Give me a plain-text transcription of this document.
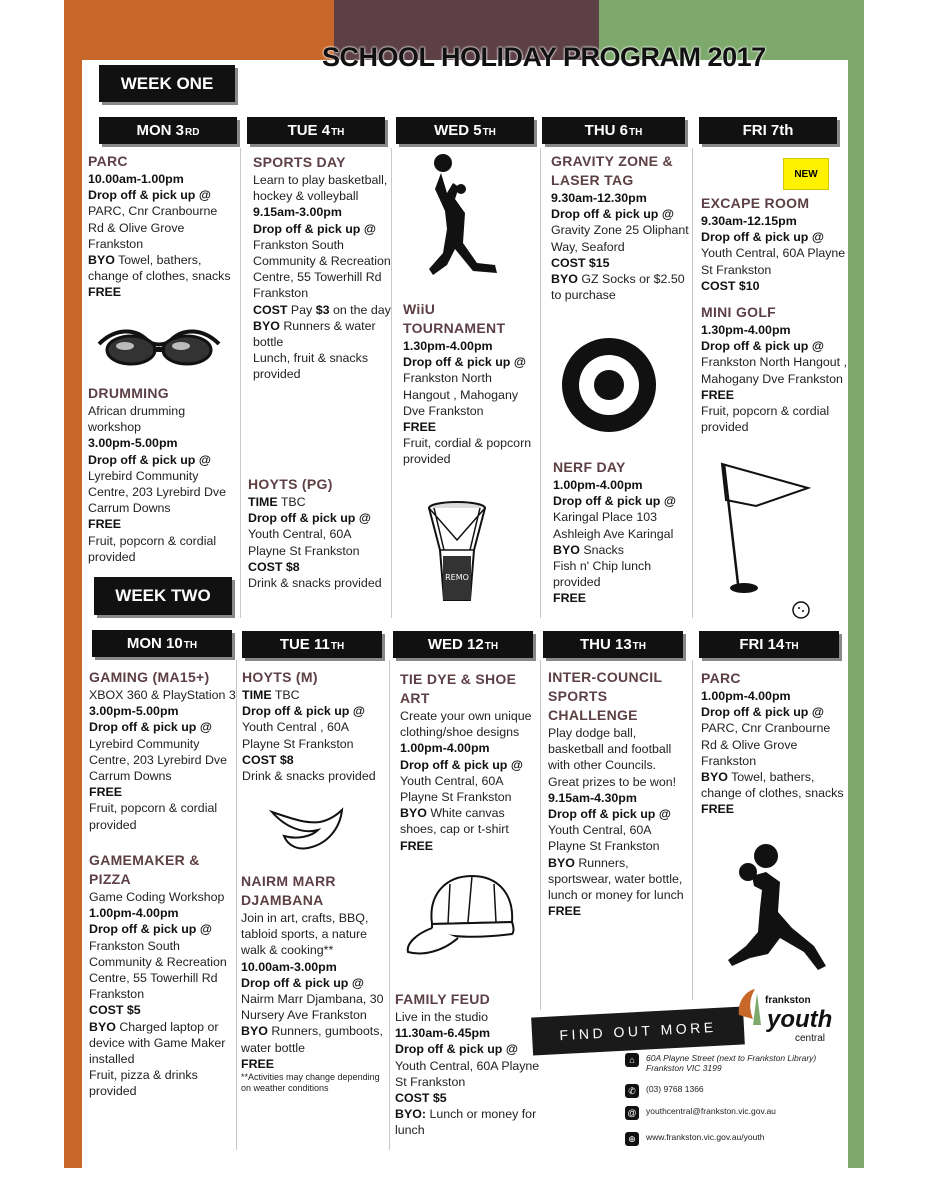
SCHOOL HOLIDAY PROGRAM 2017
WEEK ONE
WEEK TWO
MON $3_{RD}$	TUE $4_{TH}$	WED $5_{TH}$	THU $6_{TH}$	FRI 7th
MON $10_{TH}$	TUE $11_{TH}$	WED $12_{TH}$	THU $13_{TH}$	FRI $14_{TH}$
PARC
10.00am-1.00pm
Drop off & pick up @
PARC, Cnr Cranbourne Rd & Olive Grove Frankston
BYO Towel, bathers, change of clothes, snacks
FREE
DRUMMING
African drumming workshop
3.00pm-5.00pm
Drop off & pick up @
Lyrebird Community Centre, 203 Lyrebird Dve Carrum Downs
FREE
Fruit, popcorn & cordial provided
SPORTS DAY
Learn to play basketball, hockey & volleyball
9.15am-3.00pm
Drop off & pick up @
Frankston South Community & Recreation Centre, 55 Towerhill Rd Frankston
COST Pay $3 on the day
BYO Runners & water bottle
Lunch, fruit & snacks provided
HOYTS (PG)
TIME TBC
Drop off & pick up @
Youth Central, 60A Playne St Frankston
COST $8
Drink & snacks provided
WiiU TOURNAMENT
1.30pm-4.00pm
Drop off & pick up @
Frankston North Hangout , Mahogany Dve Frankston
FREE
Fruit, cordial & popcorn provided
REMO
GRAVITY ZONE & LASER TAG
9.30am-12.30pm
Drop off & pick up @
Gravity Zone 25 Oliphant Way, Seaford
COST $15
BYO GZ Socks or $2.50 to purchase
NERF DAY
1.00pm-4.00pm
Drop off & pick up @
Karingal Place 103 Ashleigh Ave Karingal
BYO Snacks
Fish n' Chip lunch provided
FREE
NEW
EXCAPE ROOM
9.30am-12.15pm
Drop off & pick up @
Youth Central, 60A Playne St Frankston
COST $10
MINI GOLF
1.30pm-4.00pm
Drop off & pick up @
Frankston North Hangout , Mahogany Dve Frankston
FREE
Fruit, popcorn & cordial provided
GAMING (MA15+)
XBOX 360 & PlayStation 3
3.00pm-5.00pm
Drop off & pick up @
Lyrebird Community Centre, 203 Lyrebird Dve Carrum Downs
FREE
Fruit, popcorn & cordial provided
GAMEMAKER & PIZZA
Game Coding Workshop
1.00pm-4.00pm
Drop off & pick up @
Frankston South Community & Recreation Centre, 55 Towerhill Rd Frankston
COST $5
BYO Charged laptop or device with Game Maker installed
Fruit, pizza & drinks provided
HOYTS (M)
TIME TBC
Drop off & pick up @
Youth Central , 60A Playne St Frankston
COST $8
Drink & snacks provided
NAIRM MARR DJAMBANA
Join in art, crafts, BBQ, tabloid sports, a nature walk & cooking**
10.00am-3.00pm
Drop off & pick up @
Nairm Marr Djambana, 30 Nursery Ave Frankston
BYO Runners, gumboots, water bottle
FREE
**Activities may change depending on weather conditions
TIE DYE & SHOE ART
Create your own unique clothing/shoe designs
1.00pm-4.00pm
Drop off & pick up @
Youth Central, 60A Playne St Frankston
BYO White canvas shoes, cap or t-shirt
FREE
FAMILY FEUD
Live in the studio
11.30am-6.45pm
Drop off & pick up @
Youth Central, 60A Playne St Frankston
COST $5
BYO: Lunch or money for lunch
INTER-COUNCIL SPORTS CHALLENGE
Play dodge ball, basketball and football with other Councils. Great prizes to be won!
9.15am-4.30pm
Drop off & pick up @
Youth Central, 60A Playne St Frankston
BYO Runners, sportswear, water bottle, lunch or money for lunch
FREE
PARC
1.00pm-4.00pm
Drop off & pick up @
PARC, Cnr Cranbourne Rd & Olive Grove Frankston
BYO Towel, bathers, change of clothes, snacks
FREE
FIND OUT MORE
frankston
youth
central
⌂	60A Playne Street (next to Frankston Library)
Frankston VIC 3199
✆	(03) 9768 1366
@ youthcentral@frankston.vic.gov.au
⊕	www.frankston.vic.gov.au/youth
